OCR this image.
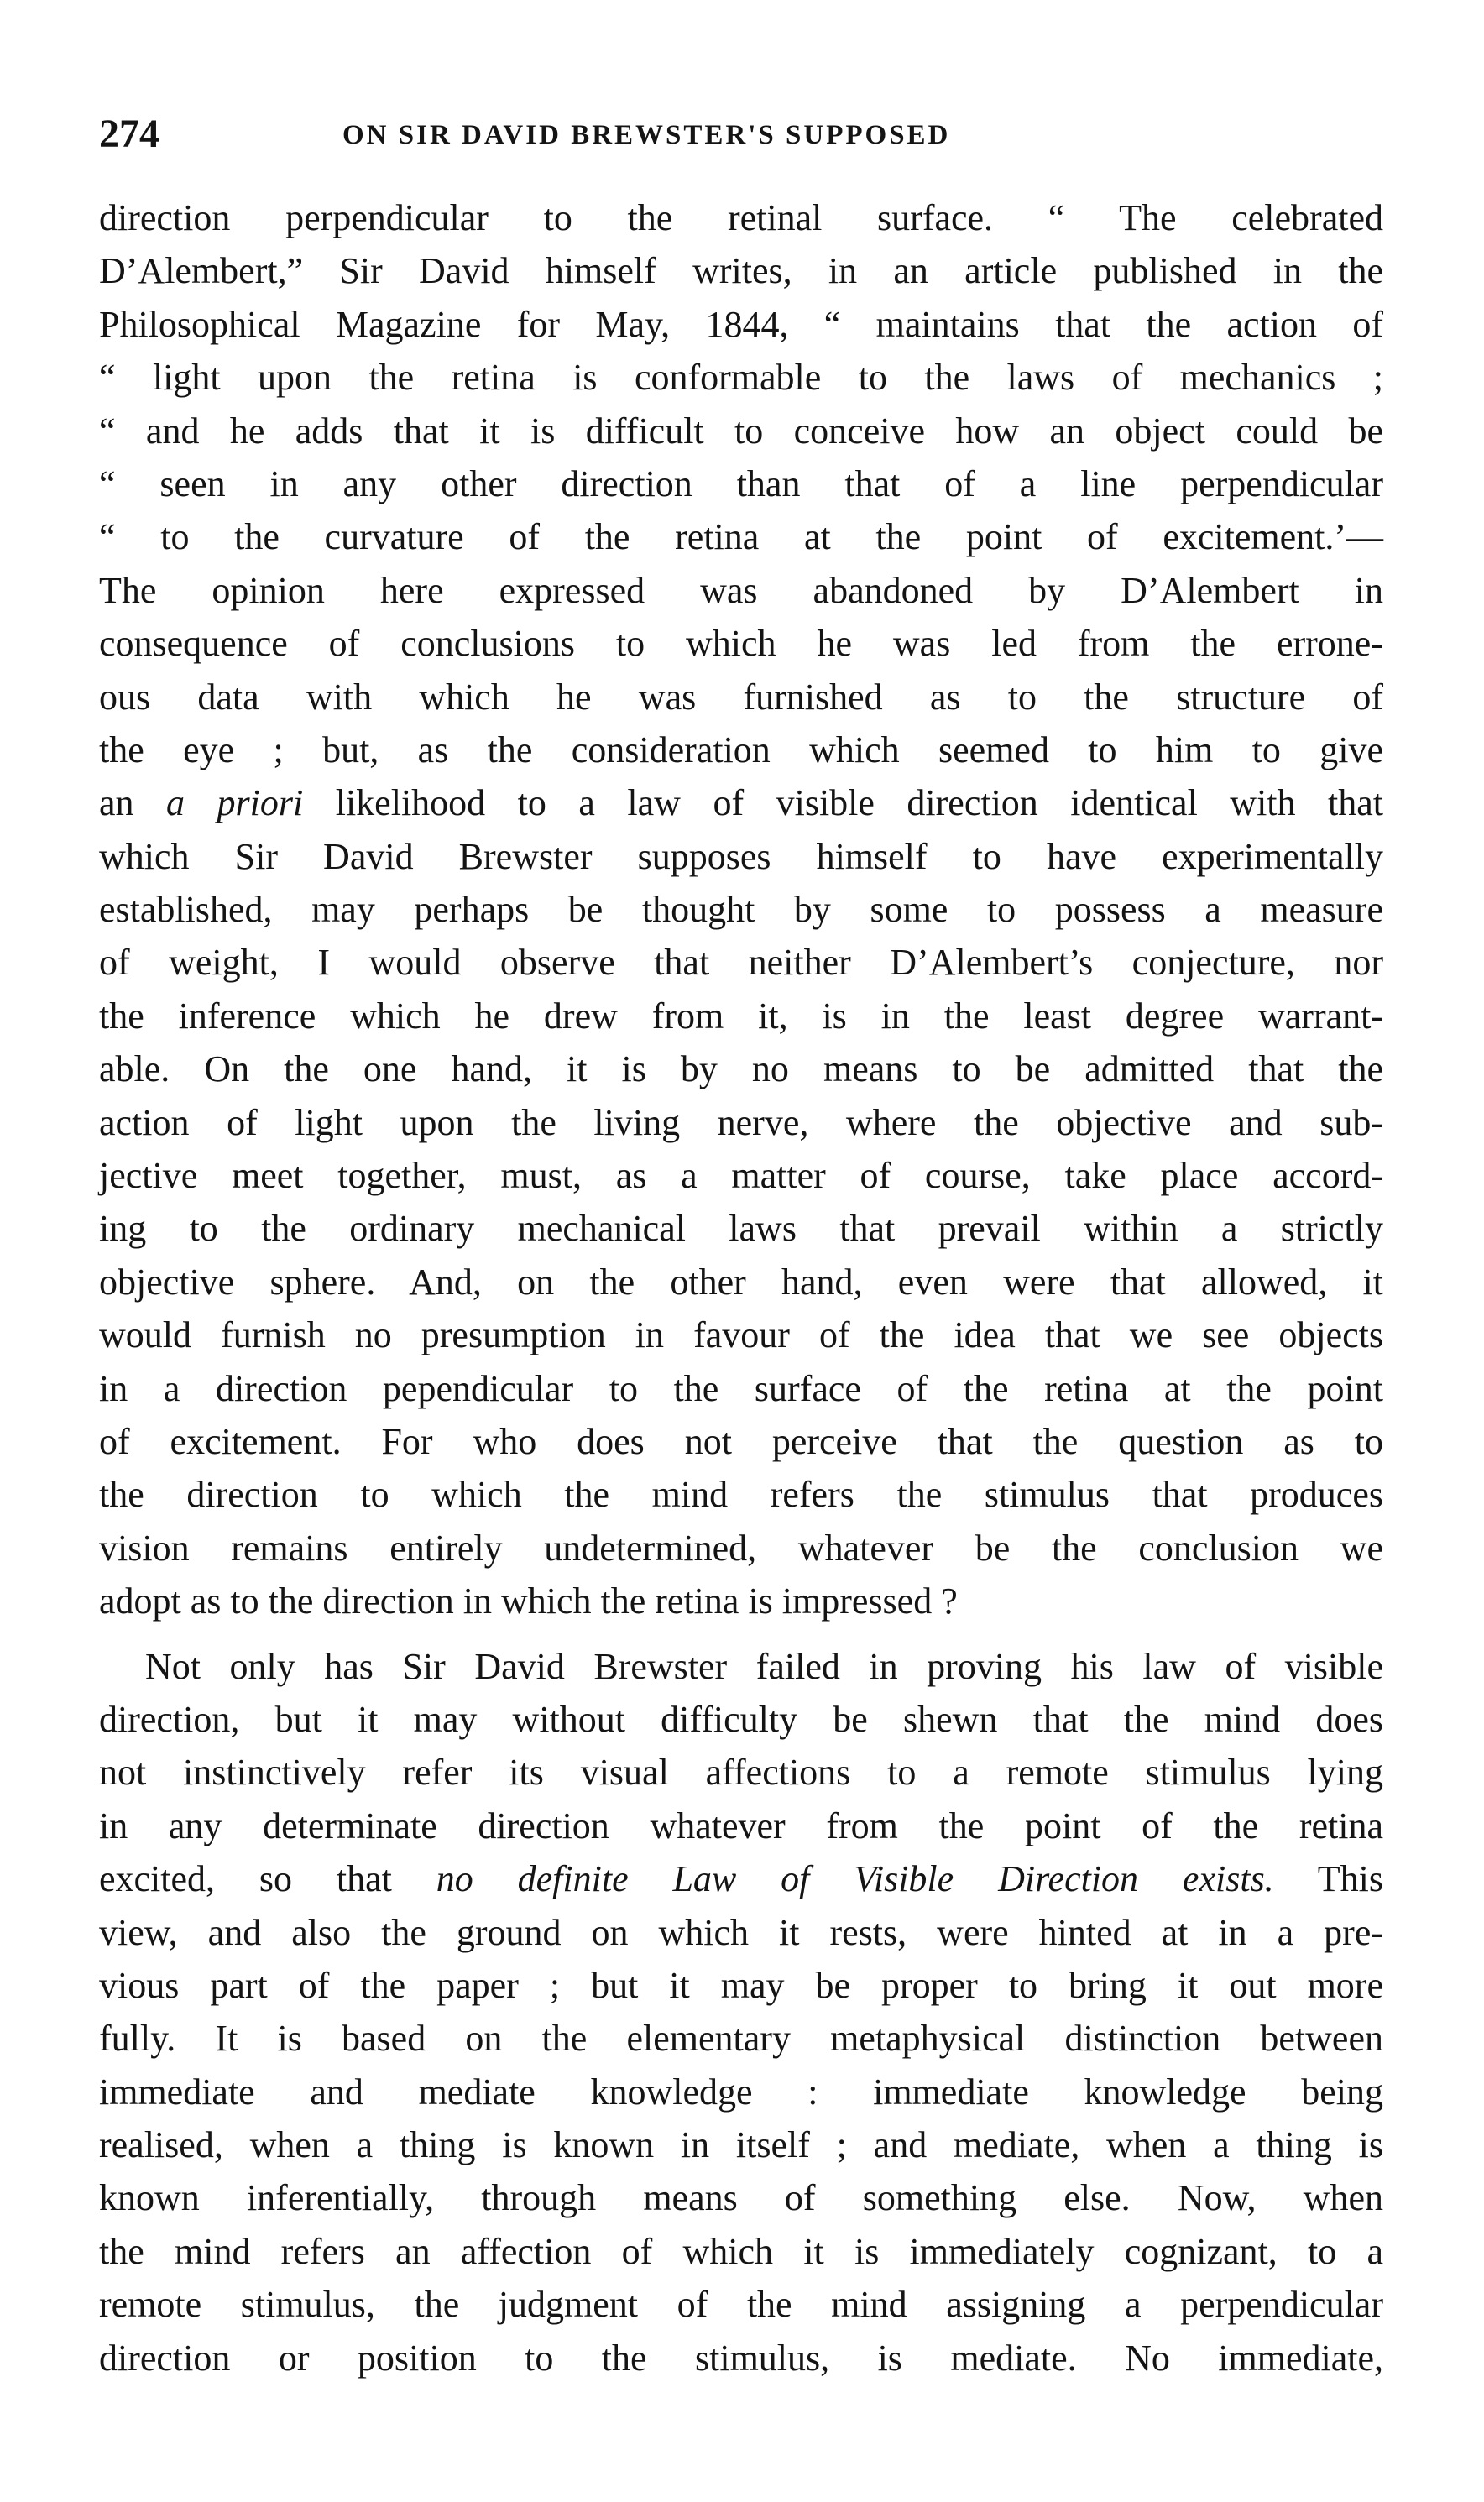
274	ON SIR DAVID BREWSTER'S SUPPOSED
direction perpendicular to the retinal surface. “ The celebrated
D’Alembert,” Sir David himself writes, in an article published in the
Philosophical Magazine for May, 1844, “ maintains that the action of
“ light upon the retina is conformable to the laws of mechanics ;
“ and he adds that it is difficult to conceive how an object could be
“ seen in any other direction than that of a line perpendicular
“ to the curvature of the retina at the point of excitement.’—
The opinion here expressed was abandoned by D’Alembert in
consequence of conclusions to which he was led from the errone-
ous data with which he was furnished as to the structure of
the eye ; but, as the consideration which seemed to him to give
an a priori likelihood to a law of visible direction identical with that
which Sir David Brewster supposes himself to have experimentally
established, may perhaps be thought by some to possess a measure
of weight, I would observe that neither D’Alembert’s conjecture, nor
the inference which he drew from it, is in the least degree warrant-
able. On the one hand, it is by no means to be admitted that the
action of light upon the living nerve, where the objective and sub-
jective meet together, must, as a matter of course, take place accord-
ing to the ordinary mechanical laws that prevail within a strictly
objective sphere. And, on the other hand, even were that allowed, it
would furnish no presumption in favour of the idea that we see objects
in a direction pependicular to the surface of the retina at the point
of excitement. For who does not perceive that the question as to
the direction to which the mind refers the stimulus that produces
vision remains entirely undetermined, whatever be the conclusion we
adopt as to the direction in which the retina is impressed ?
Not only has Sir David Brewster failed in proving his law of visible
direction, but it may without difficulty be shewn that the mind does
not instinctively refer its visual affections to a remote stimulus lying
in any determinate direction whatever from the point of the retina
excited, so that no definite Law of Visible Direction exists. This
view, and also the ground on which it rests, were hinted at in a pre-
vious part of the paper ; but it may be proper to bring it out more
fully. It is based on the elementary metaphysical distinction between
immediate and mediate knowledge : immediate knowledge being
realised, when a thing is known in itself ; and mediate, when a thing is
known inferentially, through means of something else. Now, when
the mind refers an affection of which it is immediately cognizant, to a
remote stimulus, the judgment of the mind assigning a perpendicular
direction or position to the stimulus, is mediate. No immediate,
